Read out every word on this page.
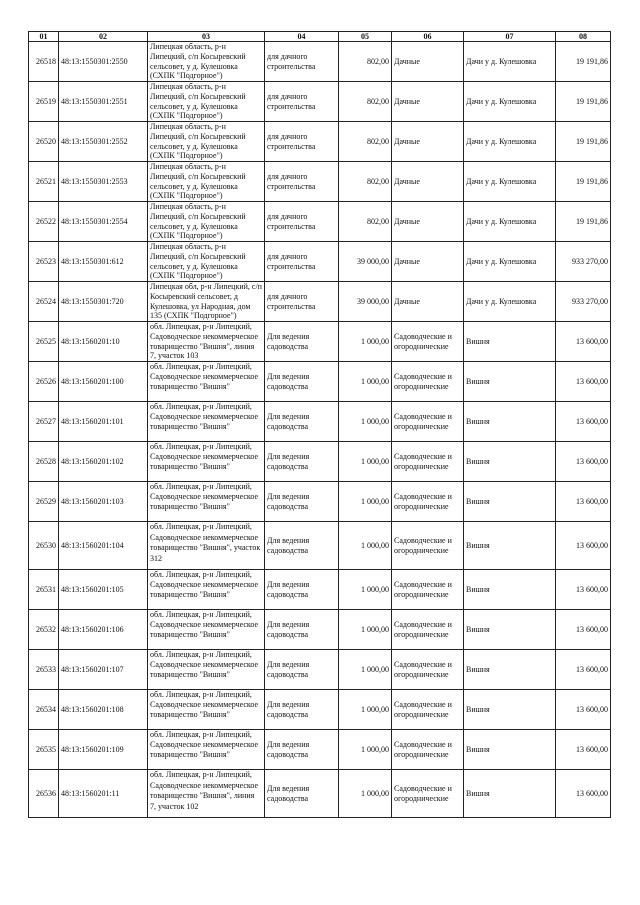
01	02	03	04	05	06	07	08
26518	48:13:1550301:2550	Липецкая область, р-н Липецкий, с/п Косыревский сельсовет, у д. Кулешовка (СХПК "Подгорное")	для дачного строительства	802,00	Дачные	Дачи у д. Кулешовка	19 191,86
26519	48:13:1550301:2551	Липецкая область, р-н Липецкий, с/п Косыревский сельсовет, у д. Кулешовка (СХПК "Подгорное")	для дачного строительства	802,00	Дачные	Дачи у д. Кулешовка	19 191,86
26520	48:13:1550301:2552	Липецкая область, р-н Липецкий, с/п Косыревский сельсовет, у д. Кулешовка (СХПК "Подгорное")	для дачного строительства	802,00	Дачные	Дачи у д. Кулешовка	19 191,86
26521	48:13:1550301:2553	Липецкая область, р-н Липецкий, с/п Косыревский сельсовет, у д. Кулешовка (СХПК "Подгорное")	для дачного строительства	802,00	Дачные	Дачи у д. Кулешовка	19 191,86
26522	48:13:1550301:2554	Липецкая область, р-н Липецкий, с/п Косыревский сельсовет, у д. Кулешовка (СХПК "Подгорное")	для дачного строительства	802,00	Дачные	Дачи у д. Кулешовка	19 191,86
26523	48:13:1550301:612	Липецкая область, р-н Липецкий, с/п Косыревский сельсовет, у д. Кулешовка (СХПК "Подгорное")	для дачного строительства	39 000,00	Дачные	Дачи у д. Кулешовка	933 270,00
26524	48:13:1550301:720	Липецкая обл, р-н Липецкий, с/п Косыревский сельсовет, д Кулешовка, ул Народная, дом 135 (СХПК "Подгорное")	для дачного строительства	39 000,00	Дачные	Дачи у д. Кулешовка	933 270,00
26525	48:13:1560201:10	обл. Липецкая, р-н Липецкий, Садоводческое некоммерческое товарищество "Вишня", линия 7, участок 103	Для ведения садоводства	1 000,00	Садоводческие и огороднические	Вишня	13 600,00
26526	48:13:1560201:100	обл. Липецкая, р-н Липецкий, Садоводческое некоммерческое товарищество "Вишня"	Для ведения садоводства	1 000,00	Садоводческие и огороднические	Вишня	13 600,00
26527	48:13:1560201:101	обл. Липецкая, р-н Липецкий, Садоводческое некоммерческое товарищество "Вишня"	Для ведения садоводства	1 000,00	Садоводческие и огороднические	Вишня	13 600,00
26528	48:13:1560201:102	обл. Липецкая, р-н Липецкий, Садоводческое некоммерческое товарищество "Вишня"	Для ведения садоводства	1 000,00	Садоводческие и огороднические	Вишня	13 600,00
26529	48:13:1560201:103	обл. Липецкая, р-н Липецкий, Садоводческое некоммерческое товарищество "Вишня"	Для ведения садоводства	1 000,00	Садоводческие и огороднические	Вишня	13 600,00
26530	48:13:1560201:104	обл. Липецкая, р-н Липецкий, Садоводческое некоммерческое товарищество "Вишня", участок 312	Для ведения садоводства	1 000,00	Садоводческие и огороднические	Вишня	13 600,00
26531	48:13:1560201:105	обл. Липецкая, р-н Липецкий, Садоводческое некоммерческое товарищество "Вишня"	Для ведения садоводства	1 000,00	Садоводческие и огороднические	Вишня	13 600,00
26532	48:13:1560201:106	обл. Липецкая, р-н Липецкий, Садоводческое некоммерческое товарищество "Вишня"	Для ведения садоводства	1 000,00	Садоводческие и огороднические	Вишня	13 600,00
26533	48:13:1560201:107	обл. Липецкая, р-н Липецкий, Садоводческое некоммерческое товарищество "Вишня"	Для ведения садоводства	1 000,00	Садоводческие и огороднические	Вишня	13 600,00
26534	48:13:1560201:108	обл. Липецкая, р-н Липецкий, Садоводческое некоммерческое товарищество "Вишня"	Для ведения садоводства	1 000,00	Садоводческие и огороднические	Вишня	13 600,00
26535	48:13:1560201:109	обл. Липецкая, р-н Липецкий, Садоводческое некоммерческое товарищество "Вишня"	Для ведения садоводства	1 000,00	Садоводческие и огороднические	Вишня	13 600,00
26536	48:13:1560201:11	обл. Липецкая, р-н Липецкий, Садоводческое некоммерческое товарищество "Вишня", линия 7, участок 102	Для ведения садоводства	1 000,00	Садоводческие и огороднические	Вишня	13 600,00
